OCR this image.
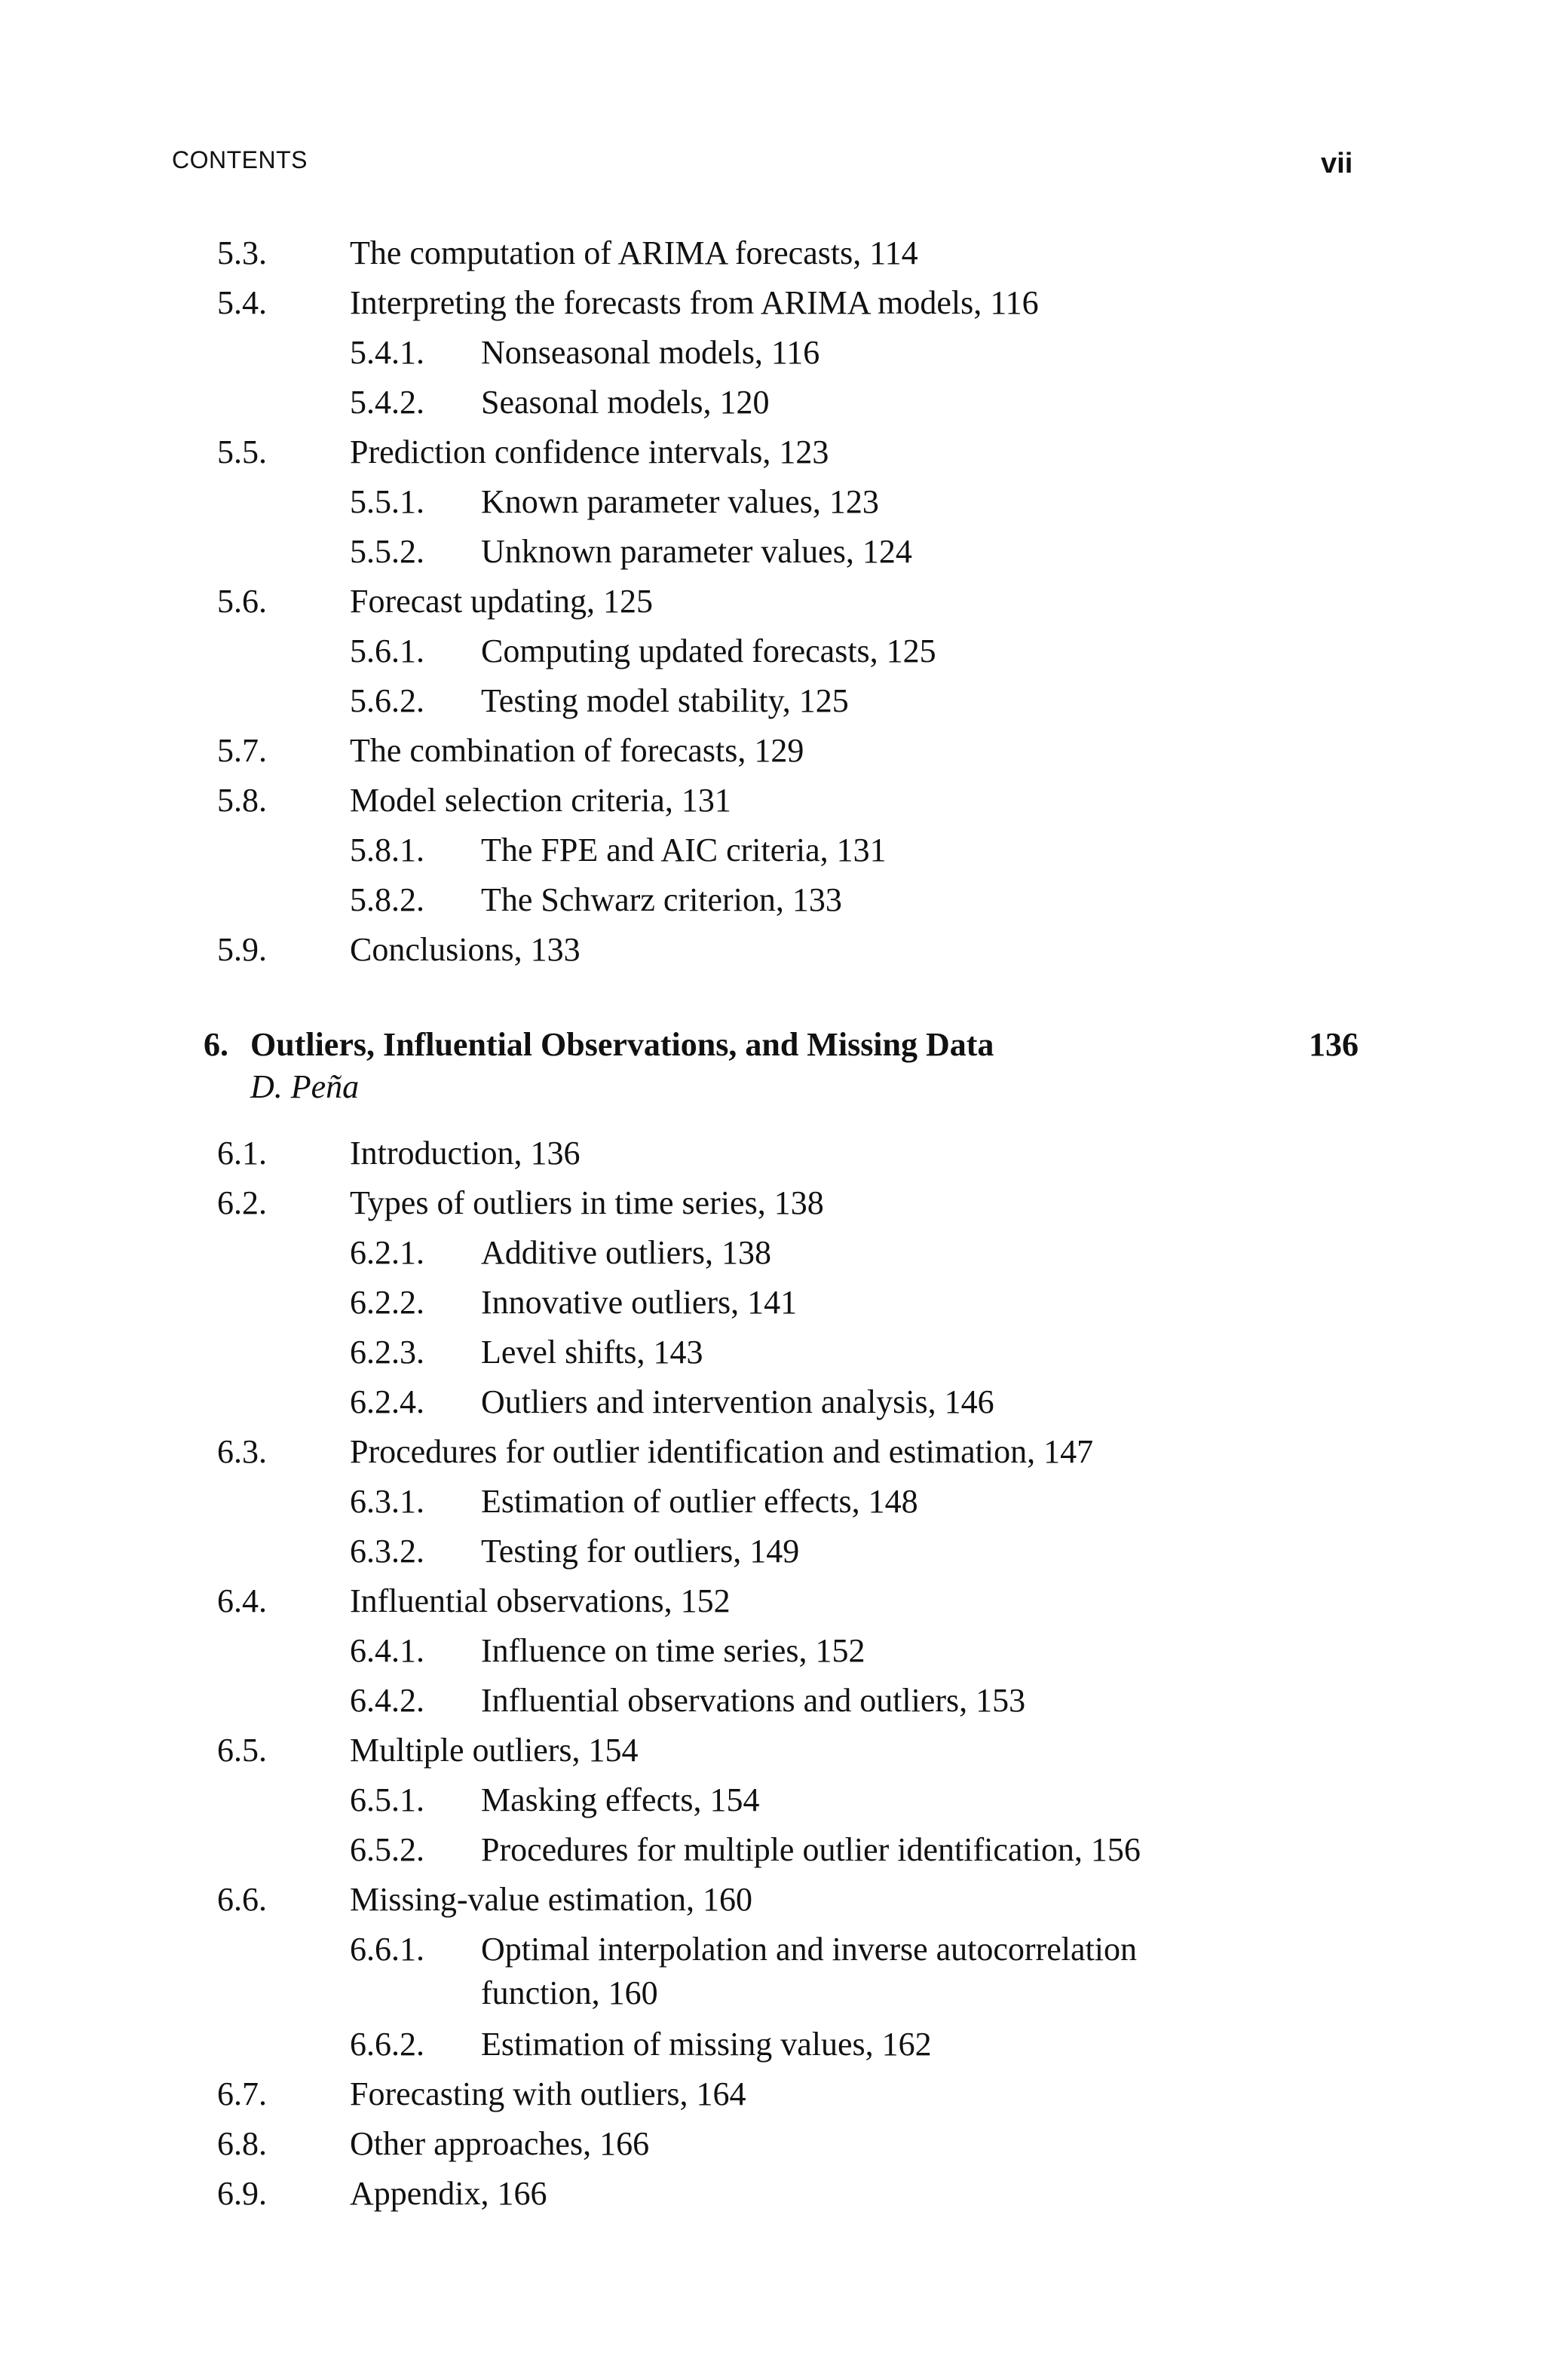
CONTENTS	vii
5.3.	The computation of ARIMA forecasts, 114
5.4.	Interpreting the forecasts from ARIMA models, 116
5.4.1. Nonseasonal models, 116
5.4.2. Seasonal models, 120
5.5.	Prediction confidence intervals, 123
5.5.1. Known parameter values, 123
5.5.2. Unknown parameter values, 124
5.6.	Forecast updating, 125
5.6.1. Computing updated forecasts, 125
5.6.2. Testing model stability, 125
5.7.	The combination of forecasts, 129
5.8.	Model selection criteria, 131
5.8.1. The FPE and AIC criteria, 131
5.8.2. The Schwarz criterion, 133
5.9.	Conclusions, 133
6. Outliers, Influential Observations, and Missing Data	136
D. Peña
6.1.	Introduction, 136
6.2.	Types of outliers in time series, 138
6.2.1. Additive outliers, 138
6.2.2. Innovative outliers, 141
6.2.3. Level shifts, 143
6.2.4. Outliers and intervention analysis, 146
6.3.	Procedures for outlier identification and estimation, 147
6.3.1. Estimation of outlier effects, 148
6.3.2. Testing for outliers, 149
6.4.	Influential observations, 152
6.4.1. Influence on time series, 152
6.4.2. Influential observations and outliers, 153
6.5.	Multiple outliers, 154
6.5.1. Masking effects, 154
6.5.2. Procedures for multiple outlier identification, 156
6.6.	Missing-value estimation, 160
6.6.1. Optimal interpolation and inverse autocorrelation
function, 160
6.6.2. Estimation of missing values, 162
6.7.	Forecasting with outliers, 164
6.8.	Other approaches, 166
6.9.	Appendix, 166
